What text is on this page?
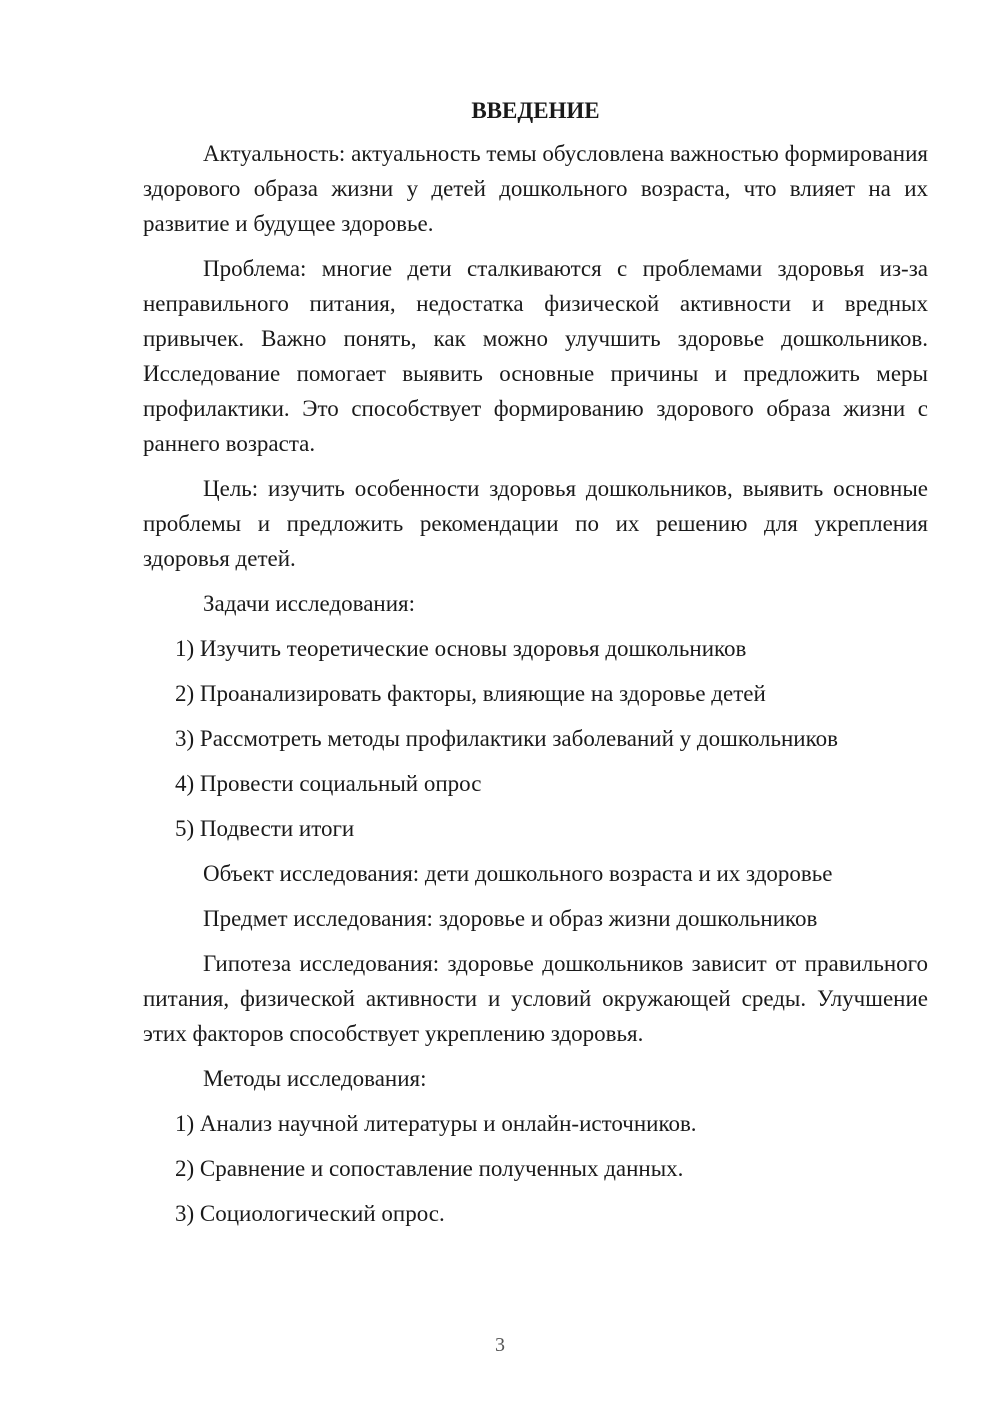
ВВЕДЕНИЕ

Актуальность: актуальность темы обусловлена важностью формирования здорового образа жизни у детей дошкольного возраста, что влияет на их развитие и будущее здоровье.

Проблема: многие дети сталкиваются с проблемами здоровья из-за неправильного питания, недостатка физической активности и вредных привычек. Важно понять, как можно улучшить здоровье дошкольников. Исследование помогает выявить основные причины и предложить меры профилактики. Это способствует формированию здорового образа жизни с раннего возраста.

Цель: изучить особенности здоровья дошкольников, выявить основные проблемы и предложить рекомендации по их решению для укрепления здоровья детей.

Задачи исследования:
1) Изучить теоретические основы здоровья дошкольников
2) Проанализировать факторы, влияющие на здоровье детей
3) Рассмотреть методы профилактики заболеваний у дошкольников
4) Провести социальный опрос
5) Подвести итоги
Объект исследования: дети дошкольного возраста и их здоровье
Предмет исследования: здоровье и образ жизни дошкольников

Гипотеза исследования: здоровье дошкольников зависит от правильного питания, физической активности и условий окружающей среды. Улучшение этих факторов способствует укреплению здоровья.

Методы исследования:
1) Анализ научной литературы и онлайн-источников.
2) Сравнение и сопоставление полученных данных.
3) Социологический опрос.
3
